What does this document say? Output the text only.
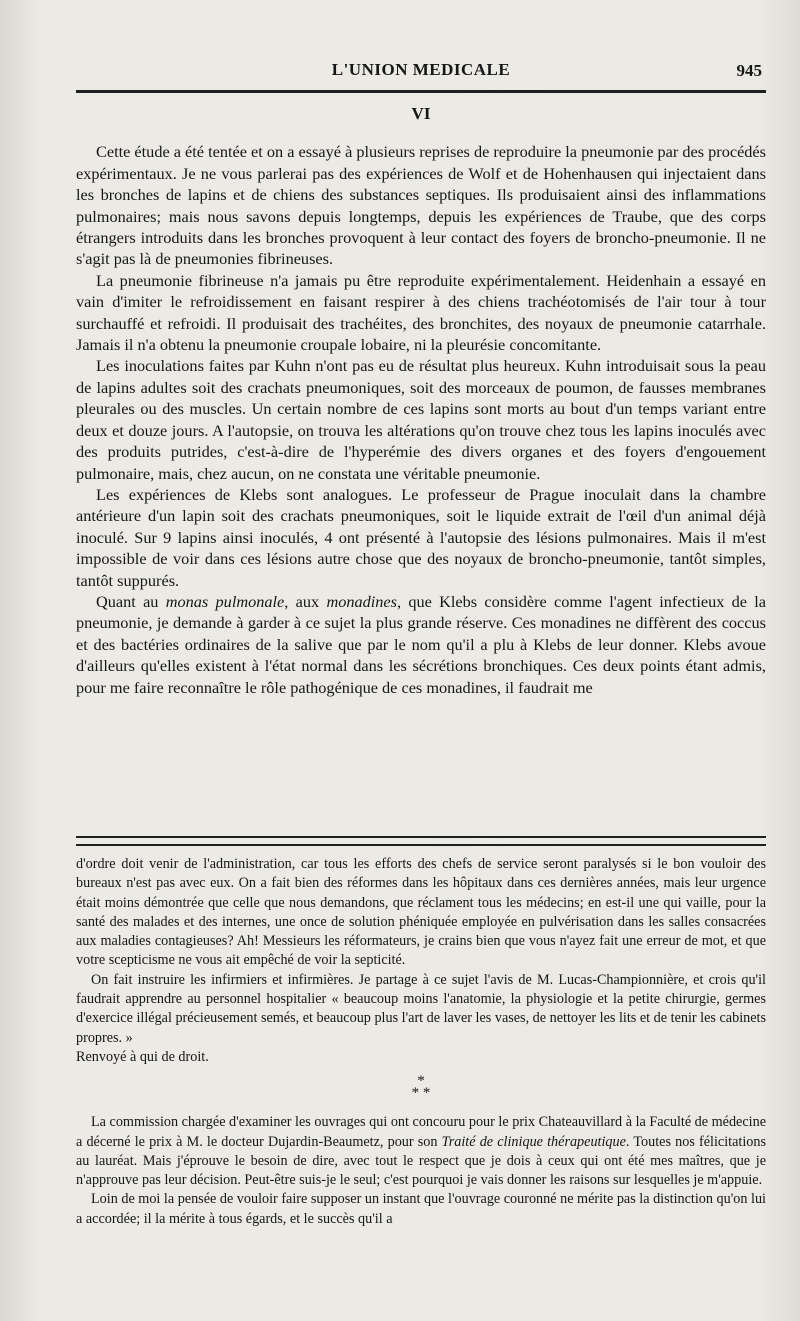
L'UNION MEDICALE	945
VI

Cette étude a été tentée et on a essayé à plusieurs reprises de reproduire la pneumonie par des procédés expérimentaux. Je ne vous parlerai pas des expériences de Wolf et de Hohenhausen qui injectaient dans les bronches de lapins et de chiens des substances septiques. Ils produisaient ainsi des inflammations pulmonaires; mais nous savons depuis longtemps, depuis les expériences de Traube, que des corps étrangers introduits dans les bronches provoquent à leur contact des foyers de broncho-pneumonie. Il ne s'agit pas là de pneumonies fibrineuses.

La pneumonie fibrineuse n'a jamais pu être reproduite expérimentalement. Heidenhain a essayé en vain d'imiter le refroidissement en faisant respirer à des chiens trachéotomisés de l'air tour à tour surchauffé et refroidi. Il produisait des trachéites, des bronchites, des noyaux de pneumonie catarrhale. Jamais il n'a obtenu la pneumonie croupale lobaire, ni la pleurésie concomitante.

Les inoculations faites par Kuhn n'ont pas eu de résultat plus heureux. Kuhn introduisait sous la peau de lapins adultes soit des crachats pneumoniques, soit des morceaux de poumon, de fausses membranes pleurales ou des muscles. Un certain nombre de ces lapins sont morts au bout d'un temps variant entre deux et douze jours. A l'autopsie, on trouva les altérations qu'on trouve chez tous les lapins inoculés avec des produits putrides, c'est-à-dire de l'hyperémie des divers organes et des foyers d'engouement pulmonaire, mais, chez aucun, on ne constata une véritable pneumonie.

Les expériences de Klebs sont analogues. Le professeur de Prague inoculait dans la chambre antérieure d'un lapin soit des crachats pneumoniques, soit le liquide extrait de l'œil d'un animal déjà inoculé. Sur 9 lapins ainsi inoculés, 4 ont présenté à l'autopsie des lésions pulmonaires. Mais il m'est impossible de voir dans ces lésions autre chose que des noyaux de broncho-pneumonie, tantôt simples, tantôt suppurés.

Quant au monas pulmonale, aux monadines, que Klebs considère comme l'agent infectieux de la pneumonie, je demande à garder à ce sujet la plus grande réserve. Ces monadines ne diffèrent des coccus et des bactéries ordinaires de la salive que par le nom qu'il a plu à Klebs de leur donner. Klebs avoue d'ailleurs qu'elles existent à l'état normal dans les sécrétions bronchiques. Ces deux points étant admis, pour me faire reconnaître le rôle pathogénique de ces monadines, il faudrait me

d'ordre doit venir de l'administration, car tous les efforts des chefs de service seront paralysés si le bon vouloir des bureaux n'est pas avec eux. On a fait bien des réformes dans les hôpitaux dans ces dernières années, mais leur urgence était moins démontrée que celle que nous demandons, que réclament tous les médecins; en est-il une qui vaille, pour la santé des malades et des internes, une once de solution phéniquée employée en pulvérisation dans les salles consacrées aux maladies contagieuses? Ah! Messieurs les réformateurs, je crains bien que vous n'ayez fait une erreur de mot, et que votre scepticisme ne vous ait empêché de voir la septicité.

On fait instruire les infirmiers et infirmières. Je partage à ce sujet l'avis de M. Lucas-Championnière, et crois qu'il faudrait apprendre au personnel hospitalier « beaucoup moins l'anatomie, la physiologie et la petite chirurgie, germes d'exercice illégal précieusement semés, et beaucoup plus l'art de laver les vases, de nettoyer les lits et de tenir les cabinets propres. »

Renvoyé à qui de droit.

*
* *

La commission chargée d'examiner les ouvrages qui ont concouru pour le prix Chateauvillard à la Faculté de médecine a décerné le prix à M. le docteur Dujardin-Beaumetz, pour son Traité de clinique thérapeutique. Toutes nos félicitations au lauréat. Mais j'éprouve le besoin de dire, avec tout le respect que je dois à ceux qui ont été mes maîtres, que je n'approuve pas leur décision. Peut-être suis-je le seul; c'est pourquoi je vais donner les raisons sur lesquelles je m'appuie.

Loin de moi la pensée de vouloir faire supposer un instant que l'ouvrage couronné ne mérite pas la distinction qu'on lui a accordée; il la mérite à tous égards, et le succès qu'il a
